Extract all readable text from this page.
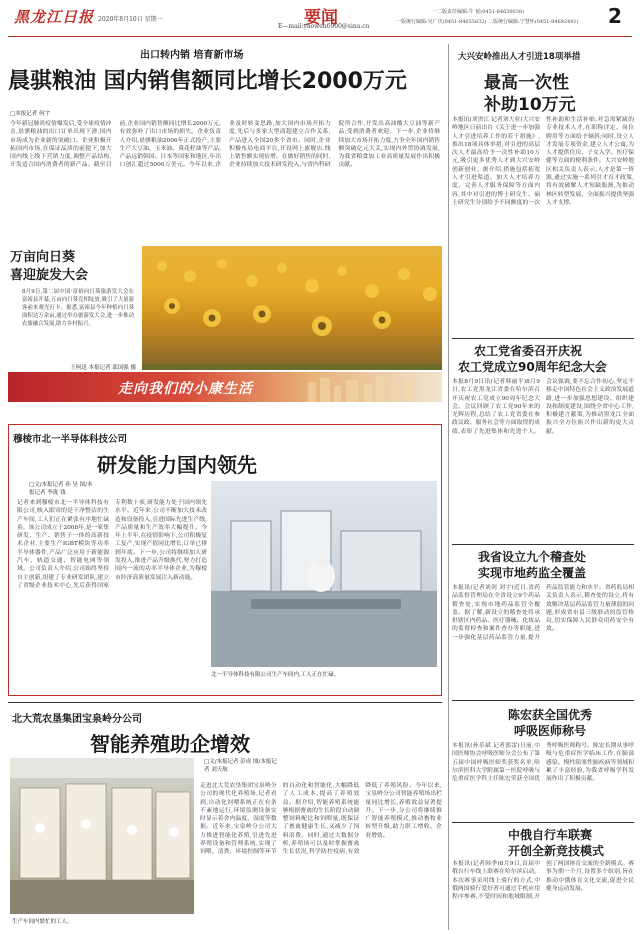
黑龙江日报 2020年8月10日 星期一	要闻
E—mail:yaowen6900@sina.cn
一二版责任编辑:牛 悦(0451-84630038)
一版统行编辑:吴广庆(0451-84655632) 二版统行编辑:宁慧怀(0451-84692441) 2
出口转内销 培育新市场
晨骐粮油 国内销售额同比增长2000万元
□本报记者 何宇
今年新冠肺炎疫情爆发后,受全球疫情冲击,晨骐粮油的出口订单出现下滑,国内市场成为企业新的突破口。企业积极开拓国内市场,在保证品质的前提下,加大国内线上线下营销力度,调整产品结构,开发适合国内消费者的新产品。截至目前,企业国内销售额同比增长2000万元,有效弥补了出口市场的损失。企业负责人介绍,晨骐粮油2006年正式投产,主要生产大豆油、玉米油、葵花籽油等产品,产品远销韩国、日本等国家和地区,年出口创汇超过5000万美元。今年以来,企业及时转变思路,加大国内市场开拓力度,先后与多家大型商超建立合作关系,产品进入全国20多个省市。同时,企业积极布局电商平台,开设网上旗舰店,线上销售额实现倍增。在做好销售的同时,企业持续加大技术研发投入,与省内科研院所合作,开发出高油酸大豆油等新产品,受到消费者欢迎。下一步,企业将继续加大市场开拓力度,力争全年国内销售额突破亿元大关,实现内外贸协调发展,为我省粮食加工业高质量发展作出积极贡献。
万亩向日葵
喜迎旋发大会
8月9日,第二届中国·富裕向日葵旅游发大会在富裕县开幕,万亩向日葵竞相绽放,吸引了大量游客前来观光打卡。据悉,富裕县今年种植向日葵面积达万余亩,通过举办旅游发大会,进一步推动农旅融合发展,助力乡村振兴。
王柯迅 本报记者 邵国强 摄
大兴安岭推出人才引进18项举措
最高一次性
补助10万元
本报讯(刘贵江 记者刘大业)大兴安岭地区日前出台《关于进一步加强人才引进培养工作的若干措施》,推出18项具体举措,对引进的高层次人才最高给予一次性补助10万元,吸引更多优秀人才到大兴安岭创新创业。据介绍,措施包括拓宽人才引进渠道、加大人才培养力度、完善人才服务保障等方面内容,其中对引进的博士研究生、硕士研究生分别给予不同额度的一次性补助和生活补贴;对急需紧缺的专业技术人才,在职称评定、岗位聘用等方面给予倾斜;同时,设立人才发展专项资金,建立人才公寓,为人才提供住房、子女入学、医疗保健等方面的便利条件。大兴安岭地区相关负责人表示,人才是第一资源,通过实施一系列引才育才政策,将有效破解人才短缺瓶颈,为推动林区转型发展、全面振兴提供坚强人才支撑。
农工党省委召开庆祝
农工党成立90周年纪念大会
本报8月9日讯(记者韩丽平)8月9日,农工党黑龙江省委在哈尔滨召开庆祝农工党成立90周年纪念大会。会议回顾了农工党90年来的光辉历程,总结了农工党省委在参政议政、服务社会等方面取得的成绩,表彰了先进集体和先进个人。会议强调,要不忘合作初心,坚定不移走中国特色社会主义政治发展道路,进一步加强思想建设、组织建设和制度建设,围绕全省中心工作,积极建言献策,为推动黑龙江全面振兴全方位振兴作出新的更大贡献。
我省设立九个稽查处
实现市地药监全覆盖
本报讯(记者刘剑 刘宇)近日,省药品监督管理局在全省设立9个药品稽查处,实现市地药品监管全覆盖。据了解,新设立的稽查处将承担辖区内药品、医疗器械、化妆品的监督检查和案件查办等职能,进一步强化基层药品监管力量,提升药品监管能力和水平。省药监局相关负责人表示,稽查处的设立,将有效解决基层药品监管力量薄弱的问题,形成省市县三级联动的监管格局,切实保障人民群众用药安全有效。
陈宏获全国优秀
呼吸医师称号
本报讯(孙乐斌 记者郭雷)日前,中国医师协会呼吸医师分会公布了第五届中国呼吸医师奖获奖名单,哈尔滨医科大学附属第一医院呼吸与危重症医学科主任陈宏荣获全国优秀呼吸医师称号。陈宏长期从事呼吸与危重症医学临床工作,在肺部感染、慢性阻塞性肺疾病等领域积累了丰富经验,为我省呼吸学科发展作出了积极贡献。
中俄自行车联赛
开创全新竞技模式
本报讯(记者韩季)8月9日,首届中俄自行车线上联赛在哈尔滨启动。本次赛事采用线上骑行的方式,中俄两国骑行爱好者可通过手机应用程序参赛,不受时间和地域限制,开创了两国体育交流的全新模式。赛事为期一个月,设置多个组别,旨在推动中俄体育文化交流,促进全民健身运动发展。
走向我们的小康生活
穆棱市北一半导体科技公司
研发能力国内领先
□文/本报记者 孙 昊 图/本报记者 李珑 钱
记者来到穆棱市北一半导体科技有限公司,映入眼帘的是干净整洁的生产车间,工人们正在紧张有序地忙碌着。该公司成立于2008年,是一家集研发、生产、销售于一体的高新技术企业,主要生产IGBT模块等功率半导体器件,产品广泛应用于新能源汽车、轨道交通、智能电网等领域。公司负责人介绍,公司始终坚持自主创新,组建了专业研发团队,建立了省级企业技术中心,先后获得国家专利数十项,研发能力处于国内领先水平。近年来,公司不断加大技术改造和设备投入,引进国际先进生产线,产品质量和生产效率大幅提升。今年上半年,在疫情影响下,公司积极复工复产,实现产值同比增长,订单已排到年底。下一步,公司将继续加大研发投入,推进产品升级换代,努力打造国内一流的功率半导体企业,为穆棱市经济高质量发展注入新动能。
北一半导体科技有限公司生产车间内,工人正在忙碌。
北大荒农垦集团宝泉岭分公司
智能养殖助企增效
生产车间内繁忙的工人。
□文/本报记者 彭成 图/本报记者 刘天航
走进北大荒农垦集团宝泉岭分公司的现代化养殖场,记者看到,自动化饲喂系统正在有条不紊地运行,环境监测设备实时显示着舍内温度、湿度等数据。近年来,宝泉岭分公司大力推进智能化养殖,引进先进养殖设备和管理系统,实现了饲喂、清粪、环境控制等环节的自动化和智能化,大幅降低了人工成本,提高了养殖效益。据介绍,智能养殖系统能够根据畜禽的生长阶段自动调整饲料配比和饲喂量,既保证了畜禽健康生长,又减少了饲料浪费。同时,通过大数据分析,养殖场可以及时掌握畜禽生长状况,科学防控疫病,有效降低了养殖风险。今年以来,宝泉岭分公司智能养殖场出栏量同比增长,养殖效益显著提升。下一步,分公司将继续推广智能养殖模式,推动畜牧业转型升级,助力职工增收、企业增效。
